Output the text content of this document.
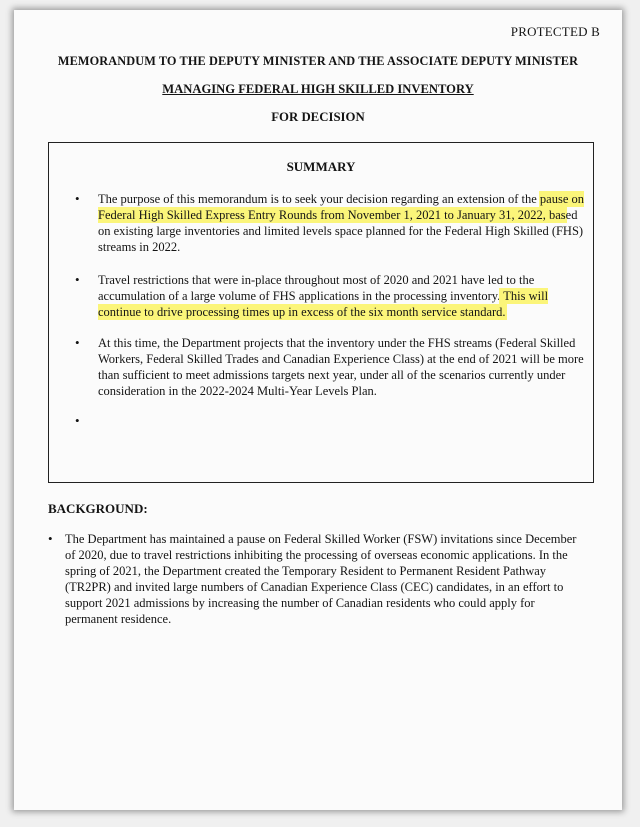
PROTECTED B
MEMORANDUM TO THE DEPUTY MINISTER AND THE ASSOCIATE DEPUTY MINISTER
MANAGING FEDERAL HIGH SKILLED INVENTORY
FOR DECISION
SUMMARY
• The purpose of this memorandum is to seek your decision regarding an extension of the pause on Federal High Skilled Express Entry Rounds from November 1, 2021 to January 31, 2022, based on existing large inventories and limited levels space planned for the Federal High Skilled (FHS) streams in 2022.
• Travel restrictions that were in-place throughout most of 2020 and 2021 have led to the accumulation of a large volume of FHS applications in the processing inventory. This will continue to drive processing times up in excess of the six month service standard.
• At this time, the Department projects that the inventory under the FHS streams (Federal Skilled Workers, Federal Skilled Trades and Canadian Experience Class) at the end of 2021 will be more than sufficient to meet admissions targets next year, under all of the scenarios currently under consideration in the 2022-2024 Multi-Year Levels Plan.
•
BACKGROUND:
• The Department has maintained a pause on Federal Skilled Worker (FSW) invitations since December of 2020, due to travel restrictions inhibiting the processing of overseas economic applications. In the spring of 2021, the Department created the Temporary Resident to Permanent Resident Pathway (TR2PR) and invited large numbers of Canadian Experience Class (CEC) candidates, in an effort to support 2021 admissions by increasing the number of Canadian residents who could apply for permanent residence.
